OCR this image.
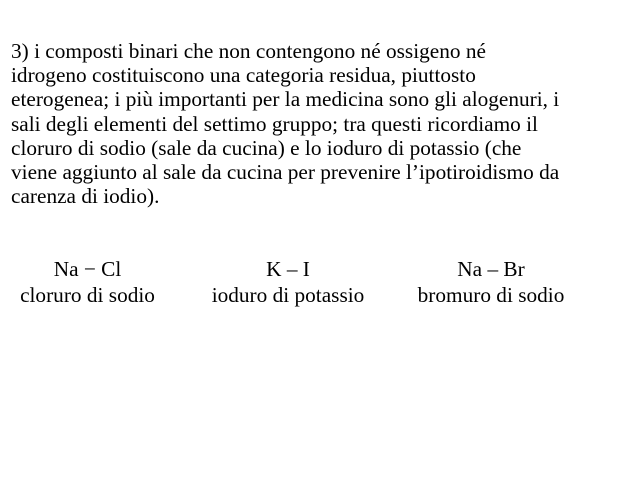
3) i composti binari che non contengono né ossigeno né
idrogeno costituiscono una categoria residua, piuttosto
eterogenea; i più importanti per la medicina sono gli alogenuri, i
sali degli elementi del settimo gruppo; tra questi ricordiamo il
cloruro di sodio (sale da cucina) e lo ioduro di potassio (che
viene aggiunto al sale da cucina per prevenire l’ipotiroidismo da
carenza di iodio).

Na − Cl
cloruro di sodio
K – I
ioduro di potassio
Na – Br
bromuro di sodio
